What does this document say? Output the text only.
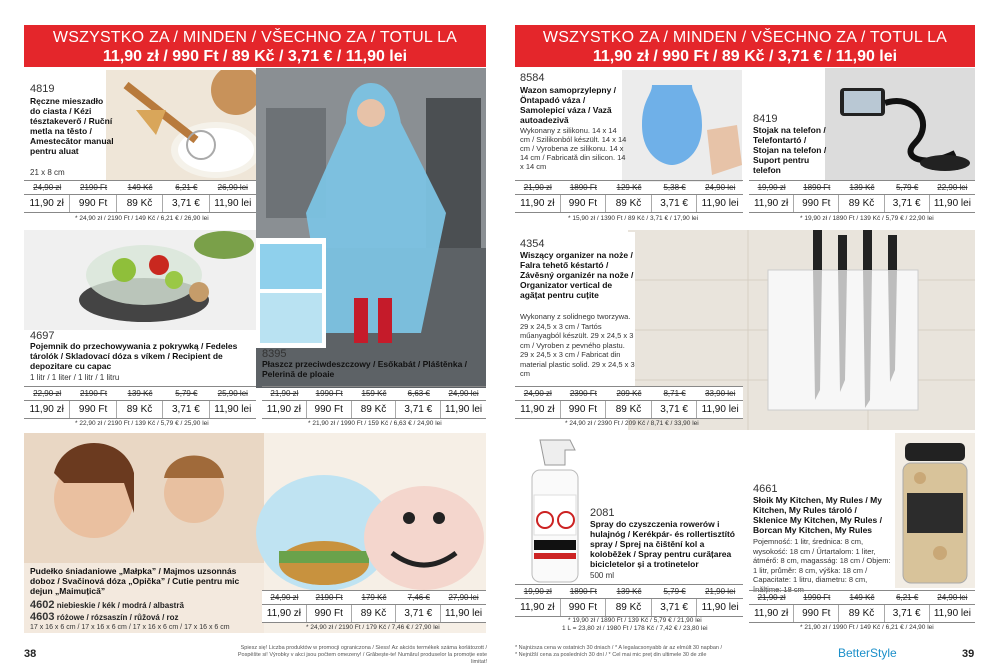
WSZYSTKO ZA / MINDEN / VŠECHNO ZA / TOTUL LA
11,90 zł / 990 Ft / 89 Kč / 3,71 € / 11,90 lei
4819
Ręczne mieszadło do ciasta / Kézi tésztakeverő / Ruční metla na těsto / Amestecător manual pentru aluat
21 x 8 cm
24,90 zł	2190 Ft	149 Kč	6,21 €	26,90 lei
11,90 zł	990 Ft	89 Kč	3,71 €	11,90 lei
* 24,90 zł / 2190 Ft / 149 Kč / 6,21 € / 26,90 lei
4697
Pojemnik do przechowywania z pokrywką / Fedeles tárolók / Skladovací dóza s víkem / Recipient de depozitare cu capac
1 litr / 1 liter / 1 litr / 1 litru
22,90 zł	2190 Ft	139 Kč	5,79 €	25,90 lei
11,90 zł	990 Ft	89 Kč	3,71 €	11,90 lei
* 22,90 zł / 2190 Ft / 139 Kč / 5,79 € / 25,90 lei
8395
Płaszcz przeciwdeszczowy / Esőkabát / Pláštěnka / Pelerină de ploaie
21,90 zł	1990 Ft	159 Kč	6,63 €	24,90 lei
11,90 zł	990 Ft	89 Kč	3,71 €	11,90 lei
* 21,90 zł / 1990 Ft / 159 Kč / 6,63 € / 24,90 lei
Pudełko śniadaniowe „Małpka” / Majmos uzsonnás doboz / Svačinová dóza „Opička” / Cutie pentru mic dejun „Maimuțică”
4602 niebieskie / kék / modrá / albastră
4603 różowe / rózsaszín / růžová / roz
17 x 16 x 6 cm / 17 x 16 x 6 cm / 17 x 16 x 6 cm / 17 x 16 x 6 cm
24,90 zł	2190 Ft	179 Kč	7,46 €	27,90 lei
11,90 zł	990 Ft	89 Kč	3,71 €	11,90 lei
* 24,90 zł / 2190 Ft / 179 Kč / 7,46 € / 27,90 lei
38	Spiesz się! Liczba produktów w promocji ograniczona / Siess! Az akciós termékek száma korlátozott /
Pospěšte si! Výrobky v akci jsou počtem omezeny! / Grăbește-te! Numărul produselor la promoție este limitat!
WSZYSTKO ZA / MINDEN / VŠECHNO ZA / TOTUL LA
11,90 zł / 990 Ft / 89 Kč / 3,71 € / 11,90 lei
8584
Wazon samoprzylepny / Öntapadó váza / Samolepicí váza / Vază autoadezivă
Wykonany z silikonu. 14 x 14 cm / Szilikonból készült. 14 x 14 cm / Vyrobena ze silikonu. 14 x 14 cm / Fabricată din silicon. 14 x 14 cm
21,90 zł	1890 Ft	129 Kč	5,38 €	24,90 lei
11,90 zł	990 Ft	89 Kč	3,71 €	11,90 lei
* 15,90 zł / 1390 Ft / 89 Kč / 3,71 € / 17,90 lei
8419
Stojak na telefon / Telefontartó / Stojan na telefon / Suport pentru telefon
19,90 zł	1890 Ft	139 Kč	5,79 €	22,90 lei
11,90 zł	990 Ft	89 Kč	3,71 €	11,90 lei
* 19,90 zł / 1890 Ft / 139 Kč / 5,79 € / 22,90 lei
4354
Wiszący organizer na noże / Falra tehető késtartó / Závěsný organizér na nože / Organizator vertical de agățat pentru cuțite
Wykonany z solidnego tworzywa. 29 x 24,5 x 3 cm / Tartós műanyagból készült. 29 x 24,5 x 3 cm / Vyroben z pevného plastu. 29 x 24,5 x 3 cm / Fabricat din material plastic solid. 29 x 24,5 x 3 cm
24,90 zł	2390 Ft	209 Kč	8,71 €	33,90 lei
11,90 zł	990 Ft	89 Kč	3,71 €	11,90 lei
* 24,90 zł / 2390 Ft / 209 Kč / 8,71 € / 33,90 lei
2081
Spray do czyszczenia rowerów i hulajnóg / Kerékpár- és rollertisztító spray / Sprej na čištění kol a koloběžek / Spray pentru curățarea bicicletelor și a trotinetelor
500 ml
19,90 zł	1890 Ft	139 Kč	5,79 €	21,90 lei
11,90 zł	990 Ft	89 Kč	3,71 €	11,90 lei
* 19,90 zł / 1890 Ft / 139 Kč / 5,79 € / 21,90 lei
1 L = 23,80 zł / 1980 Ft / 178 Kč / 7,42 € / 23,80 lei
4661
Słoik My Kitchen, My Rules / My Kitchen, My Rules tároló / Sklenice My Kitchen, My Rules / Borcan My Kitchen, My Rules
Pojemność: 1 litr, średnica: 8 cm, wysokość: 18 cm / Űrtartalom: 1 liter, átmérő: 8 cm, magasság: 18 cm / Objem: 1 litr, průměr: 8 cm, výška: 18 cm / Capacitate: 1 litru, diametru: 8 cm, înălțime: 18 cm
21,90 zł	1990 Ft	149 Kč	6,21 €	24,90 lei
11,90 zł	990 Ft	89 Kč	3,71 €	11,90 lei
* 21,90 zł / 1990 Ft / 149 Kč / 6,21 € / 24,90 lei
* Najniższa cena w ostatnich 30 dniach / * A legalacsonyabb ár az elmúlt 30 napban /
* Nejnižší cena za posledních 30 dní / * Cel mai mic preț din ultimele 30 de zile	BetterStyle	39
